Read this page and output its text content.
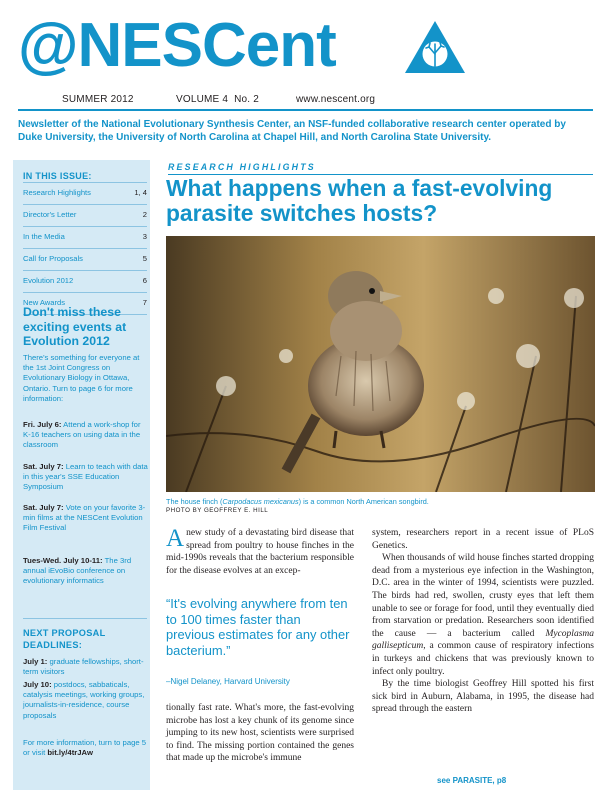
@NESCent
SUMMER 2012	VOLUME 4  No. 2	www.nescent.org
Newsletter of the National Evolutionary Synthesis Center, an NSF-funded collaborative research center operated by Duke University, the University of North Carolina at Chapel Hill, and North Carolina State University.
IN THIS ISSUE:
Research Highlights	1, 4
Director's Letter	2
In the Media	3
Call for Proposals	5
Evolution 2012	6
New Awards	7
Don't miss these exciting events at Evolution 2012
There's something for everyone at the 1st Joint Congress on Evolutionary Biology in Ottawa, Ontario. Turn to page 6 for more information:
Fri. July 6: Attend a work-shop for K-16 teachers on using data in the classroom
Sat. July 7: Learn to teach with data in this year's SSE Education Symposium
Sat. July 7: Vote on your favorite 3-min films at the NESCent Evolution Film Festival
Tues-Wed. July 10-11: The 3rd annual iEvoBio conference on evolutionary informatics
NEXT PROPOSAL DEADLINES:
July 1: graduate fellowships, short-term visitors
July 10: postdocs, sabbaticals, catalysis meetings, working groups, journalists-in-residence, course proposals
For more information, turn to page 5 or visit bit.ly/4trJAw
RESEARCH HIGHLIGHTS
What happens when a fast-evolving parasite switches hosts?
The house finch (Carpodacus mexicanus) is a common North American songbird.
PHOTO BY GEOFFREY E. HILL

Anew study of a devastating bird disease that spread from poultry to house finches in the mid-1990s reveals that the bacterium responsible for the disease evolves at an excep-

“It's evolving anywhere from ten to 100 times faster than previous estimates for any other bacterium.”
–Nigel Delaney, Harvard University

tionally fast rate. What's more, the fast-evolving microbe has lost a key chunk of its genome since jumping to its new host, scientists were surprised to find. The missing portion contained the genes that made up the microbe's immune

system, researchers report in a recent issue of PLoS Genetics.

When thousands of wild house finches started dropping dead from a mysterious eye infection in the Washington, D.C. area in the winter of 1994, scientists were puzzled. The birds had red, swollen, crusty eyes that left them unable to see or forage for food, until they eventually died from starvation or predation. Researchers soon identified the cause — a bacterium called Mycoplasma gallisepticum, a common cause of respiratory infections in turkeys and chickens that was previously known to infect only poultry.

By the time biologist Geoffrey Hill spotted his first sick bird in Auburn, Alabama, in 1995, the disease had spread through the eastern

see PARASITE, p8
